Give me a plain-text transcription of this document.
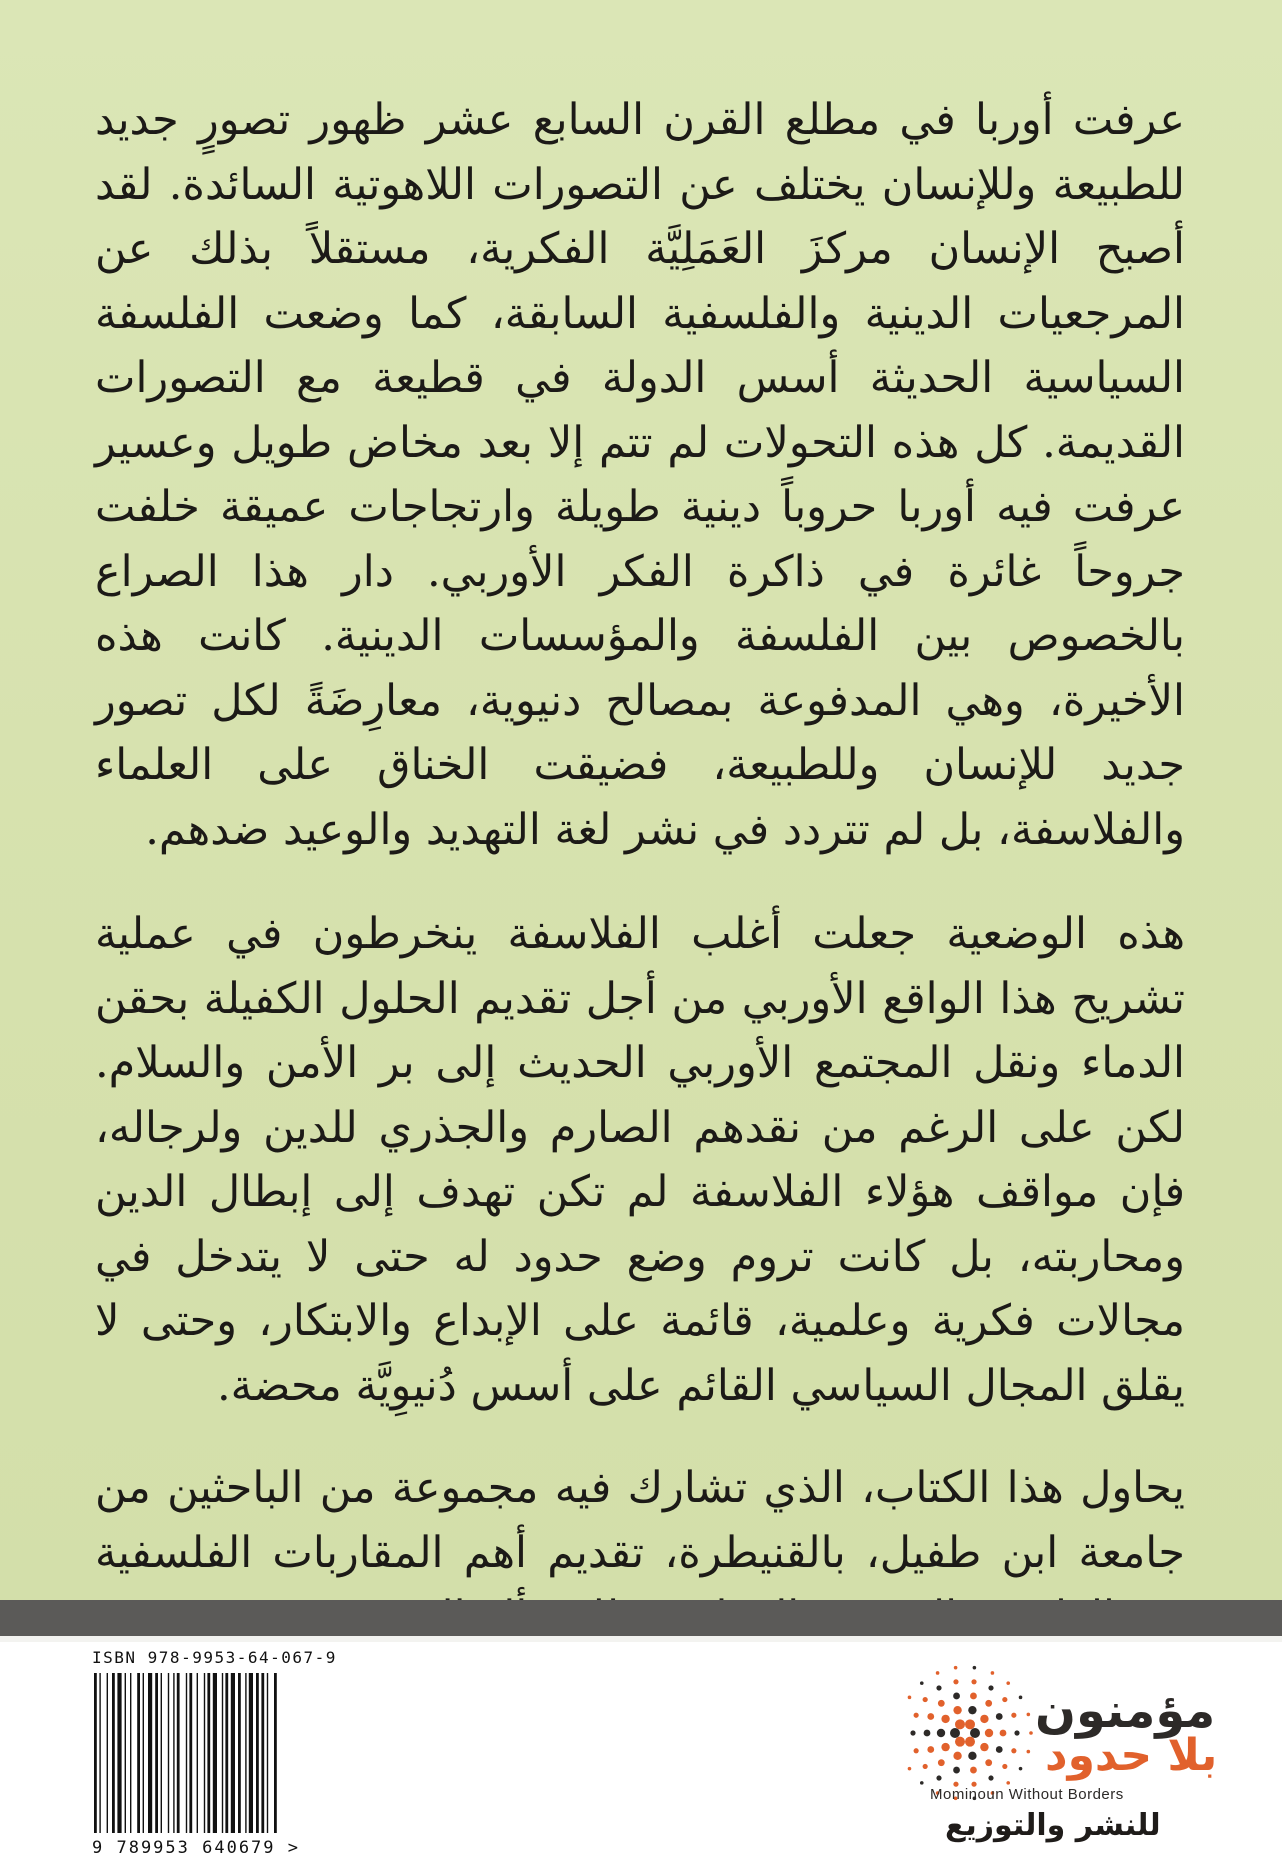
عرفت أوربا في مطلع القرن السابع عشر ظهور تصورٍ جديد للطبيعة وللإنسان يختلف عن التصورات اللاهوتية السائدة. لقد أصبح الإنسان مركزَ العَمَلِيَّة الفكرية، مستقلاً بذلك عن المرجعيات الدينية والفلسفية السابقة، كما وضعت الفلسفة السياسية الحديثة أسس الدولة في قطيعة مع التصورات القديمة. كل هذه التحولات لم تتم إلا بعد مخاض طويل وعسير عرفت فيه أوربا حروباً دينية طويلة وارتجاجات عميقة خلفت جروحاً غائرة في ذاكرة الفكر الأوربي. دار هذا الصراع بالخصوص بين الفلسفة والمؤسسات الدينية. كانت هذه الأخيرة، وهي المدفوعة بمصالح دنيوية، معارِضَةً لكل تصور جديد للإنسان وللطبيعة، فضيقت الخناق على العلماء والفلاسفة، بل لم تتردد في نشر لغة التهديد والوعيد ضدهم.

هذه الوضعية جعلت أغلب الفلاسفة ينخرطون في عملية تشريح هذا الواقع الأوربي من أجل تقديم الحلول الكفيلة بحقن الدماء ونقل المجتمع الأوربي الحديث إلى بر الأمن والسلام. لكن على الرغم من نقدهم الصارم والجذري للدين ولرجاله، فإن مواقف هؤلاء الفلاسفة لم تكن تهدف إلى إبطال الدين ومحاربته، بل كانت تروم وضع حدود له حتى لا يتدخل في مجالات فكرية وعلمية، قائمة على الإبداع والابتكار، وحتى لا يقلق المجال السياسي القائم على أسس دُنيوِيَّة محضة.

يحاول هذا الكتاب، الذي تشارك فيه مجموعة من الباحثين من جامعة ابن طفيل، بالقنيطرة، تقديم أهم المقاربات الفلسفية

ISBN 978-9953-64-067-9
9 789953 640679 >
مؤمنون
بلا حدود
Mominoun Without Borders
للنشر والتوزيع
